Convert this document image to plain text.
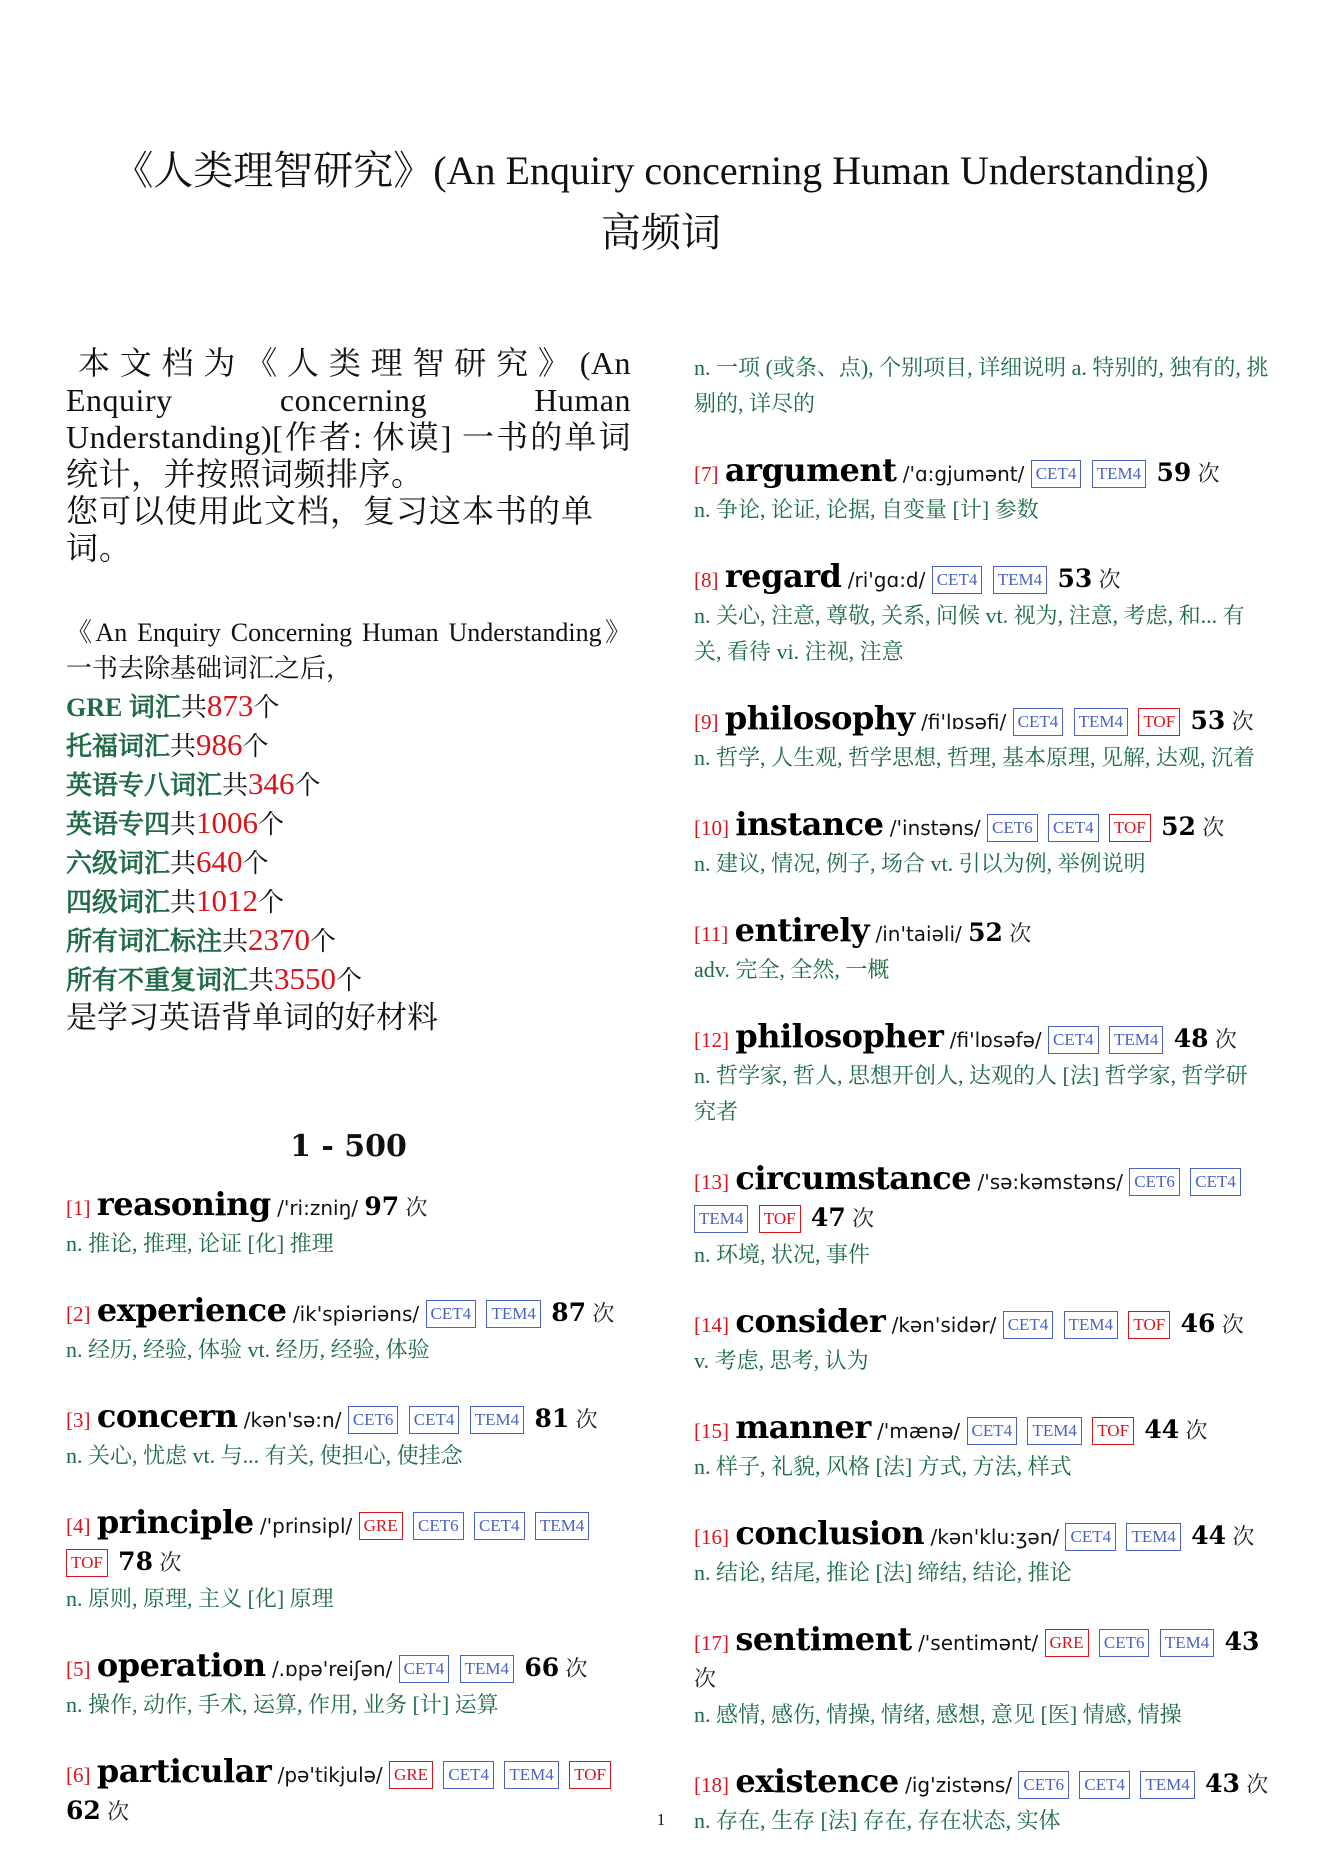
《人类理智研究》(An Enquiry concerning Human Understanding)
高频词

本文档为《人类理智研究》(An Enquiry concerning Human Understanding)[作者: 休谟] 一书的单词统计，并按照词频排序。

您可以使用此文档，复习这本书的单词。

《An Enquiry Concerning Human Understanding》一书去除基础词汇之后，
GRE 词汇共873个
托福词汇共986个
英语专八词汇共346个
英语专四共1006个
六级词汇共640个
四级词汇共1012个
所有词汇标注共2370个
所有不重复词汇共3550个
是学习英语背单词的好材料
1 - 500
[1] reasoning /'ri:zniŋ/ 97 次
n. 推论, 推理, 论证 [化] 推理
[2] experience /ik'spiəriəns/ CET4 TEM4 87 次
n. 经历, 经验, 体验 vt. 经历, 经验, 体验
[3] concern /kən'sə:n/ CET6 CET4 TEM4 81 次
n. 关心, 忧虑 vt. 与... 有关, 使担心, 使挂念
[4] principle /'prinsipl/ GRE CET6 CET4 TEM4 TOF 78 次
n. 原则, 原理, 主义 [化] 原理
[5] operation /.ɒpə'reiʃən/ CET4 TEM4 66 次
n. 操作, 动作, 手术, 运算, 作用, 业务 [计] 运算
[6] particular /pə'tikjulə/ GRE CET4 TEM4 TOF 62 次
n. 一项 (或条、点), 个别项目, 详细说明 a. 特别的, 独有的, 挑剔的, 详尽的
[7] argument /'ɑ:gjumənt/ CET4 TEM4 59 次
n. 争论, 论证, 论据, 自变量 [计] 参数
[8] regard /ri'gɑ:d/ CET4 TEM4 53 次
n. 关心, 注意, 尊敬, 关系, 问候 vt. 视为, 注意, 考虑, 和... 有关, 看待 vi. 注视, 注意
[9] philosophy /fi'lɒsəfi/ CET4 TEM4 TOF 53 次
n. 哲学, 人生观, 哲学思想, 哲理, 基本原理, 见解, 达观, 沉着
[10] instance /'instəns/ CET6 CET4 TOF 52 次
n. 建议, 情况, 例子, 场合 vt. 引以为例, 举例说明
[11] entirely /in'taiəli/ 52 次
adv. 完全, 全然, 一概
[12] philosopher /fi'lɒsəfə/ CET4 TEM4 48 次
n. 哲学家, 哲人, 思想开创人, 达观的人 [法] 哲学家, 哲学研究者
[13] circumstance /'sə:kəmstəns/ CET6 CET4 TEM4 TOF 47 次
n. 环境, 状况, 事件
[14] consider /kən'sidər/ CET4 TEM4 TOF 46 次
v. 考虑, 思考, 认为
[15] manner /'mænə/ CET4 TEM4 TOF 44 次
n. 样子, 礼貌, 风格 [法] 方式, 方法, 样式
[16] conclusion /kən'klu:ʒən/ CET4 TEM4 44 次
n. 结论, 结尾, 推论 [法] 缔结, 结论, 推论
[17] sentiment /'sentimənt/ GRE CET6 TEM4 43 次
n. 感情, 感伤, 情操, 情绪, 感想, 意见 [医] 情感, 情操
[18] existence /ig'zistəns/ CET6 CET4 TEM4 43 次
n. 存在, 生存 [法] 存在, 存在状态, 实体
1
